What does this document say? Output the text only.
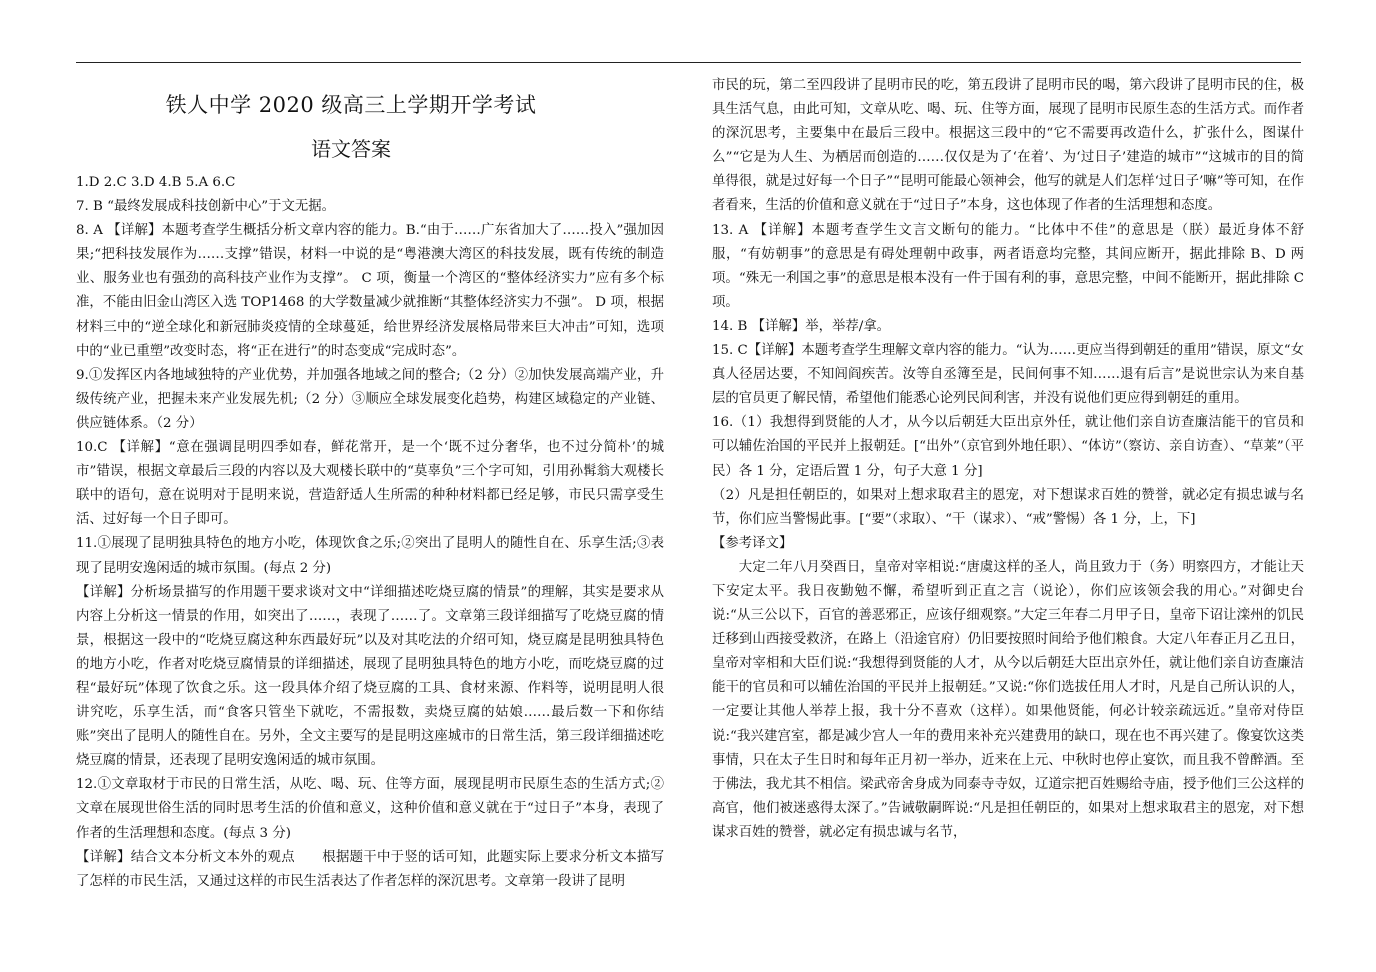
铁人中学 2020 级高三上学期开学考试
语文答案

1.D 2.C 3.D 4.B 5.A 6.C

7. B “最终发展成科技创新中心”于文无据。

8. A 【详解】本题考查学生概括分析文章内容的能力。B.“由于……广东省加大了……投入”强加因果;“把科技发展作为……支撑”错误，材料一中说的是“粤港澳大湾区的科技发展，既有传统的制造业、服务业也有强劲的高科技产业作为支撑”。 C 项，衡量一个湾区的“整体经济实力”应有多个标准，不能由旧金山湾区入选 TOP1468 的大学数量减少就推断“其整体经济实力不强”。 D 项，根据材料三中的“逆全球化和新冠肺炎疫情的全球蔓延，给世界经济发展格局带来巨大冲击”可知，选项中的“业已重塑”改变时态，将“正在进行”的时态变成“完成时态”。

9.①发挥区内各地域独特的产业优势，并加强各地域之间的整合;（2 分）②加快发展高端产业，升级传统产业，把握未来产业发展先机;（2 分）③顺应全球发展变化趋势，构建区域稳定的产业链、供应链体系。（2 分）

10.C 【详解】“意在强调昆明四季如春，鲜花常开，是一个‘既不过分奢华，也不过分简朴’的城市”错误，根据文章最后三段的内容以及大观楼长联中的“莫辜负”三个字可知，引用孙髯翁大观楼长联中的语句，意在说明对于昆明来说，营造舒适人生所需的种种材料都已经足够，市民只需享受生活、过好每一个日子即可。

11.①展现了昆明独具特色的地方小吃，体现饮食之乐;②突出了昆明人的随性自在、乐享生活;③表现了昆明安逸闲适的城市氛围。(每点 2 分)

【详解】分析场景描写的作用题干要求谈对文中“详细描述吃烧豆腐的情景”的理解，其实是要求从内容上分析这一情景的作用，如突出了……，表现了……了。文章第三段详细描写了吃烧豆腐的情景，根据这一段中的“吃烧豆腐这种东西最好玩”以及对其吃法的介绍可知，烧豆腐是昆明独具特色的地方小吃，作者对吃烧豆腐情景的详细描述，展现了昆明独具特色的地方小吃，而吃烧豆腐的过程“最好玩”体现了饮食之乐。这一段具体介绍了烧豆腐的工具、食材来源、作料等，说明昆明人很讲究吃，乐享生活，而“食客只管坐下就吃，不需报数，卖烧豆腐的姑娘……最后数一下和你结账”突出了昆明人的随性自在。另外，全文主要写的是昆明这座城市的日常生活，第三段详细描述吃烧豆腐的情景，还表现了昆明安逸闲适的城市氛围。

12.①文章取材于市民的日常生活，从吃、喝、玩、住等方面，展现昆明市民原生态的生活方式;②文章在展现世俗生活的同时思考生活的价值和意义，这种价值和意义就在于“过日子”本身，表现了作者的生活理想和态度。(每点 3 分)

【详解】结合文本分析文本外的观点　　根据题干中于竖的话可知，此题实际上要求分析文本描写了怎样的市民生活，又通过这样的市民生活表达了作者怎样的深沉思考。文章第一段讲了昆明

市民的玩，第二至四段讲了昆明市民的吃，第五段讲了昆明市民的喝，第六段讲了昆明市民的住，极具生活气息，由此可知，文章从吃、喝、玩、住等方面，展现了昆明市民原生态的生活方式。而作者的深沉思考，主要集中在最后三段中。根据这三段中的“它不需要再改造什么，扩张什么，图谋什么”“它是为人生、为栖居而创造的……仅仅是为了‘在着’、为‘过日子’建造的城市”“这城市的目的简单得很，就是过好每一个日子”“昆明可能最心领神会，他写的就是人们怎样‘过日子’嘛”等可知，在作者看来，生活的价值和意义就在于“过日子”本身，这也体现了作者的生活理想和态度。

13. A 【详解】本题考查学生文言文断句的能力。“比体中不佳”的意思是（朕）最近身体不舒服，“有妨朝事”的意思是有碍处理朝中政事，两者语意均完整，其间应断开，据此排除 B、D 两项。“殊无一利国之事”的意思是根本没有一件于国有利的事，意思完整，中间不能断开，据此排除 C 项。

14. B 【详解】举，举荐/拿。

15. C【详解】本题考查学生理解文章内容的能力。“认为……更应当得到朝廷的重用”错误，原文“女真人径居达要，不知闾阎疾苦。汝等自丞簿至是，民间何事不知……退有后言”是说世宗认为来自基层的官员更了解民情，希望他们能悉心论列民间利害，并没有说他们更应得到朝廷的重用。

16.（1）我想得到贤能的人才，从今以后朝廷大臣出京外任，就让他们亲自访查廉洁能干的官员和可以辅佐治国的平民并上报朝廷。[“出外”（京官到外地任职）、“体访”（察访、亲自访查）、“草莱”（平民）各 1 分，定语后置 1 分，句子大意 1 分]

（2）凡是担任朝臣的，如果对上想求取君主的恩宠，对下想谋求百姓的赞誉，就必定有损忠诚与名节，你们应当警惕此事。[“要”（求取）、“干（谋求）、“戒”警惕）各 1 分，上，下]

【参考译文】

大定二年八月癸酉日，皇帝对宰相说:“唐虞这样的圣人，尚且致力于（务）明察四方，才能让天下安定太平。我日夜勤勉不懈，希望听到正直之言（说论），你们应该领会我的用心。”对御史台说:“从三公以下，百官的善恶邪正，应该仔细观察。”大定三年春二月甲子日，皇帝下诏让滦州的饥民迁移到山西接受救济，在路上（沿途官府）仍旧要按照时间给予他们粮食。大定八年春正月乙丑日，皇帝对宰相和大臣们说:“我想得到贤能的人才，从今以后朝廷大臣出京外任，就让他们亲自访查廉洁能干的官员和可以辅佐治国的平民并上报朝廷。”又说:“你们选拔任用人才时，凡是自己所认识的人，一定要让其他人举荐上报，我十分不喜欢（这样）。如果他贤能，何必计较亲疏远近。”皇帝对侍臣说:“我兴建宫室，都是减少宫人一年的费用来补充兴建费用的缺口，现在也不再兴建了。像宴饮这类事情，只在太子生日时和每年正月初一举办，近来在上元、中秋时也停止宴饮，而且我不曾醉酒。至于佛法，我尤其不相信。梁武帝舍身成为同泰寺寺奴，辽道宗把百姓赐给寺庙，授予他们三公这样的高官，他们被迷惑得太深了。”告诫敬嗣晖说:“凡是担任朝臣的，如果对上想求取君主的恩宠，对下想谋求百姓的赞誉，就必定有损忠诚与名节，
